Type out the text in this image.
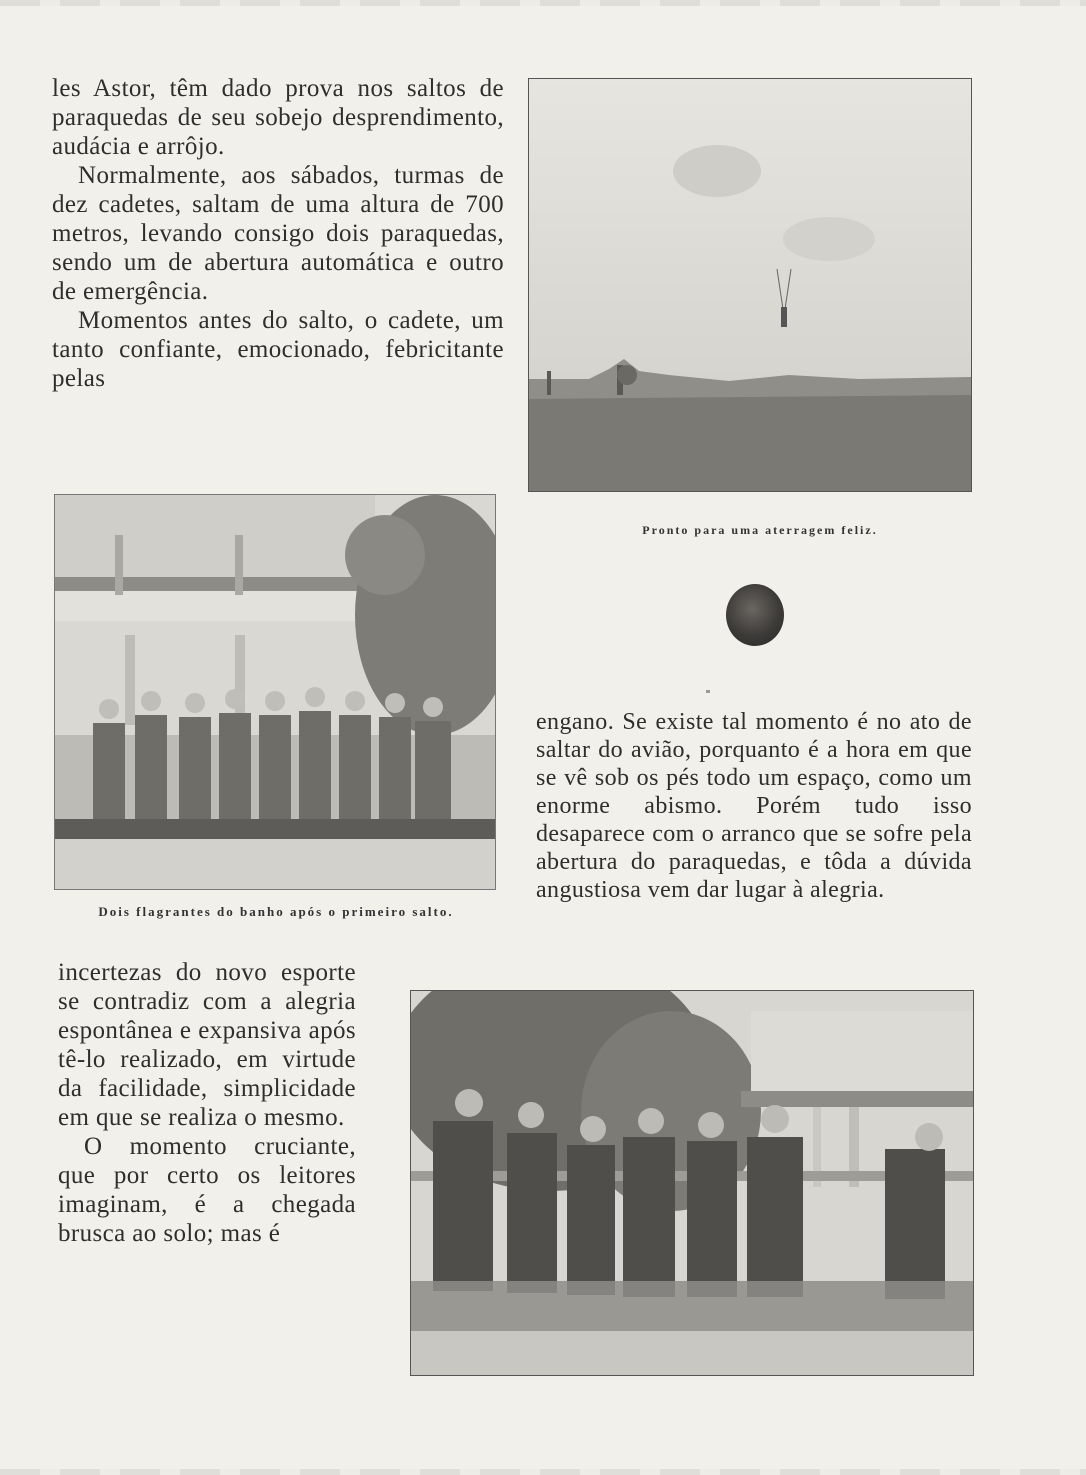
les Astor, têm dado prova nos saltos de paraquedas de seu sobejo desprendimento, audácia e arrôjo.

Normalmente, aos sábados, turmas de dez cadetes, saltam de uma altura de 700 metros, levando consigo dois paraquedas, sendo um de abertura automática e outro de emergência.

Momentos antes do salto, o cadete, um tanto confiante, emocionado, febricitante pelas

Pronto para uma aterragem feliz.
Dois flagrantes do banho após o primeiro salto.

incertezas do novo esporte se contradiz com a alegria espontânea e expansiva após tê-lo realizado, em virtude da facilidade, simplicidade em que se realiza o mesmo.

O momento cruciante, que por certo os leitores imaginam, é a chegada brusca ao solo; mas é

engano. Se existe tal momento é no ato de saltar do avião, porquanto é a hora em que se vê sob os pés todo um espaço, como um enorme abismo. Porém tudo isso desaparece com o arranco que se sofre pela abertura do paraquedas, e tôda a dúvida angustiosa vem dar lugar à alegria.
